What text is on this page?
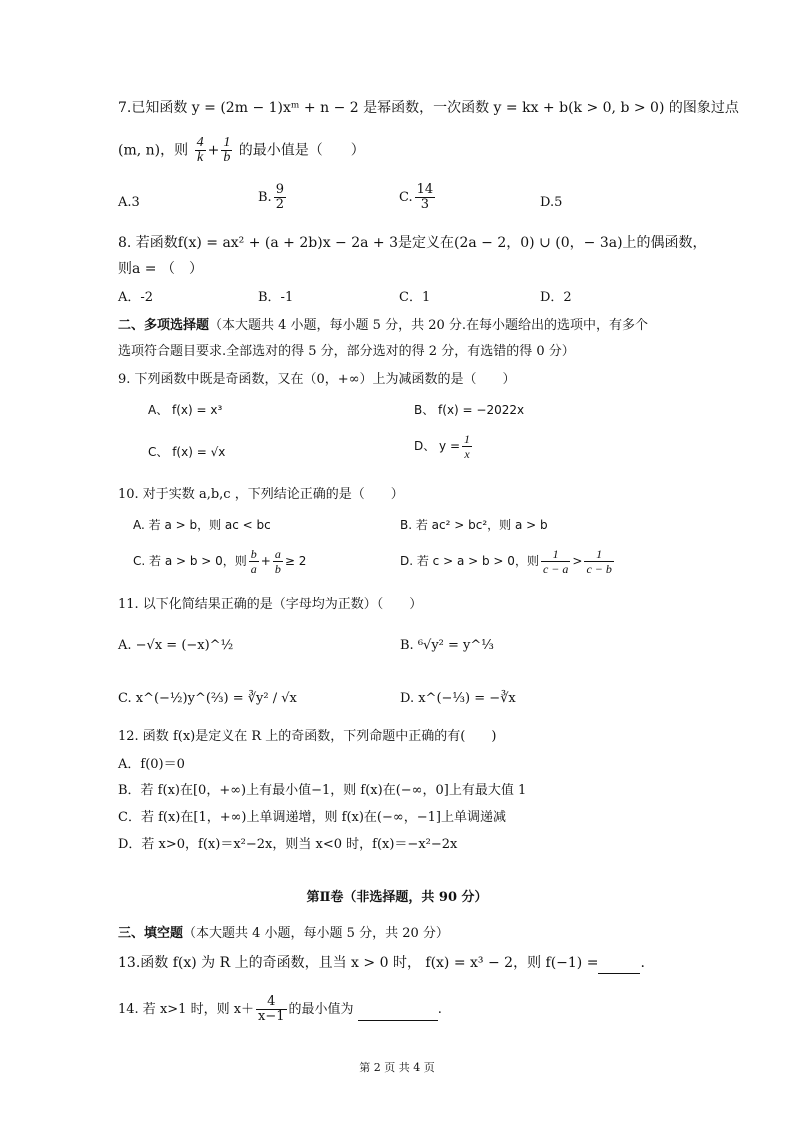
7.已知函数 y = (2m − 1)xᵐ + n − 2 是幂函数，一次函数 y = kx + b(k > 0, b > 0) 的图象过点
(m, n)，则 $\frac{4}{k} + \frac{1}{b}$ 的最小值是（　　）
A.3	B. $\frac{9}{2}$	C. $\frac{14}{3}$	D.5
8. 若函数f(x) = ax² + (a + 2b)x − 2a + 3是定义在(2a − 2，0) ∪ (0，− 3a)上的偶函数，
则a = （　）
A．-2	B．-1	C．1	D．2
二、多项选择题（本大题共 4 小题，每小题 5 分，共 20 分.在每小题给出的选项中，有多个
选项符合题目要求.全部选对的得 5 分，部分选对的得 2 分，有选错的得 0 分）
9. 下列函数中既是奇函数，又在（0，+∞）上为减函数的是（　　）
A、 f(x) = x³	B、 f(x) = −2022x
C、 f(x) = √x	D、 $y = \frac{1}{x}$
10. 对于实数 a,b,c ，下列结论正确的是（　　）
A. 若 a > b，则 ac < bc	B. 若 ac² > bc²，则 a > b
C. 若 a > b > 0，则 $\frac{b}{a} + \frac{a}{b} \ge 2$	D. 若 c > a > b > 0，则 $\frac{1}{c - a} > \frac{1}{c - b}$
11. 以下化简结果正确的是（字母均为正数）（　　）
A. −√x = (−x)^½	B. ⁶√y² = y^⅓
C. x^(−½)y^(⅔) = ∛y² / √x	D. x^(−⅓) = −∛x
12. 函数 f(x)是定义在 R 上的奇函数，下列命题中正确的有(　　)
A．f(0)＝0
B．若 f(x)在[0，+∞)上有最小值−1，则 f(x)在(−∞，0]上有最大值 1
C．若 f(x)在[1，+∞)上单调递增，则 f(x)在(−∞，−1]上单调递减
D．若 x>0，f(x)＝x²−2x，则当 x<0 时，f(x)＝−x²−2x
第Ⅱ卷（非选择题，共 90 分）
三、填空题（本大题共 4 小题，每小题 5 分，共 20 分）
13.函数 f(x) 为 R 上的奇函数，且当 x > 0 时， f(x) = x³ − 2，则 f(−1) =	.
14. 若 x>1 时，则 $x+ \frac{4}{x-1}$ 的最小值为	.
第 2 页 共 4 页
